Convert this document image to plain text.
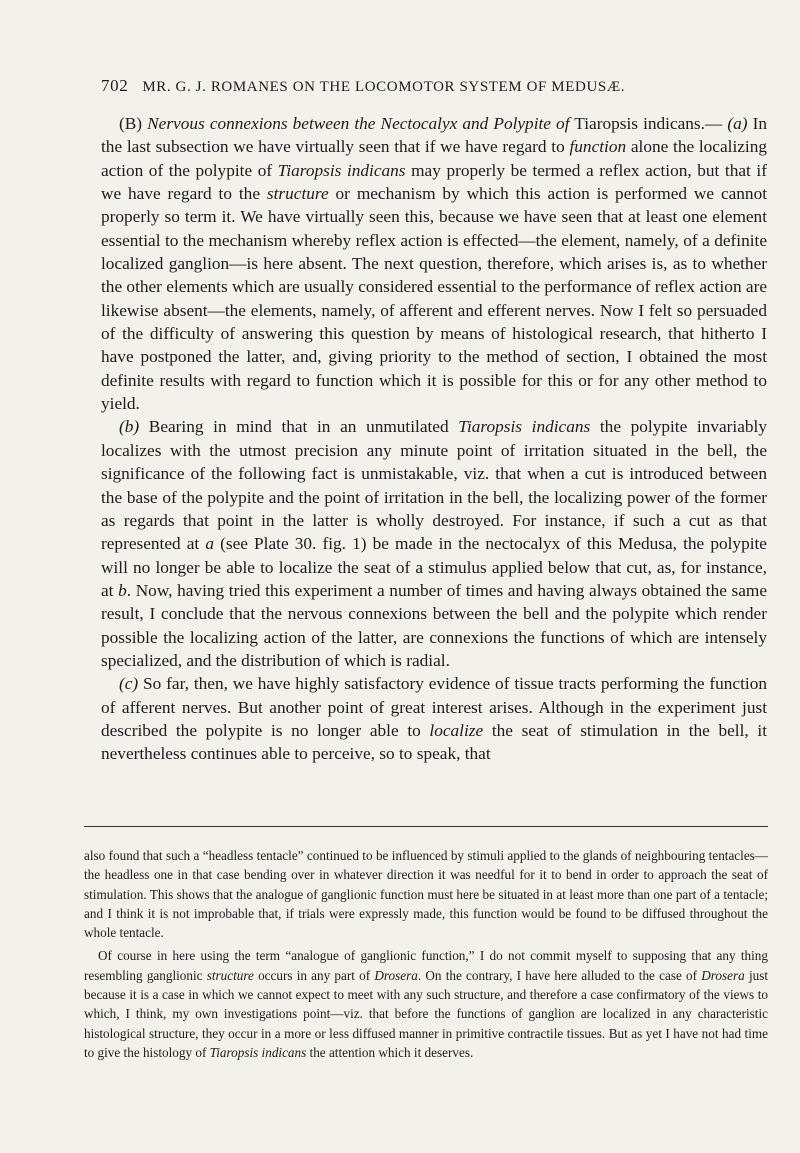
702 MR. G. J. ROMANES ON THE LOCOMOTOR SYSTEM OF MEDUSÆ.

(B) Nervous connexions between the Nectocalyx and Polypite of Tiaropsis indicans.— (a) In the last subsection we have virtually seen that if we have regard to function alone the localizing action of the polypite of Tiaropsis indicans may properly be termed a reflex action, but that if we have regard to the structure or mechanism by which this action is performed we cannot properly so term it. We have virtually seen this, because we have seen that at least one element essential to the mechanism whereby reflex action is effected—the element, namely, of a definite localized ganglion—is here absent. The next question, therefore, which arises is, as to whether the other elements which are usually considered essential to the performance of reflex action are likewise absent—the elements, namely, of afferent and efferent nerves. Now I felt so persuaded of the difficulty of answering this question by means of histological research, that hitherto I have postponed the latter, and, giving priority to the method of section, I obtained the most definite results with regard to function which it is possible for this or for any other method to yield.

(b) Bearing in mind that in an unmutilated Tiaropsis indicans the polypite invariably localizes with the utmost precision any minute point of irritation situated in the bell, the significance of the following fact is unmistakable, viz. that when a cut is introduced between the base of the polypite and the point of irritation in the bell, the localizing power of the former as regards that point in the latter is wholly destroyed. For instance, if such a cut as that represented at a (see Plate 30. fig. 1) be made in the nectocalyx of this Medusa, the polypite will no longer be able to localize the seat of a stimulus applied below that cut, as, for instance, at b. Now, having tried this experiment a number of times and having always obtained the same result, I conclude that the nervous connexions between the bell and the polypite which render possible the localizing action of the latter, are connexions the functions of which are intensely specialized, and the distribution of which is radial.

(c) So far, then, we have highly satisfactory evidence of tissue tracts performing the function of afferent nerves. But another point of great interest arises. Although in the experiment just described the polypite is no longer able to localize the seat of stimulation in the bell, it nevertheless continues able to perceive, so to speak, that

also found that such a “headless tentacle” continued to be influenced by stimuli applied to the glands of neighbouring tentacles—the headless one in that case bending over in whatever direction it was needful for it to bend in order to approach the seat of stimulation. This shows that the analogue of ganglionic function must here be situated in at least more than one part of a tentacle; and I think it is not improbable that, if trials were expressly made, this function would be found to be diffused throughout the whole tentacle.

Of course in here using the term “analogue of ganglionic function,” I do not commit myself to supposing that any thing resembling ganglionic structure occurs in any part of Drosera. On the contrary, I have here alluded to the case of Drosera just because it is a case in which we cannot expect to meet with any such structure, and therefore a case confirmatory of the views to which, I think, my own investigations point—viz. that before the functions of ganglion are localized in any characteristic histological structure, they occur in a more or less diffused manner in primitive contractile tissues. But as yet I have not had time to give the histology of Tiaropsis indicans the attention which it deserves.
